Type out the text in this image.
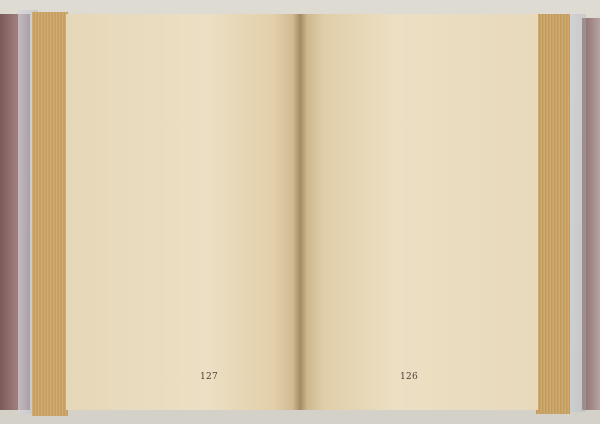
127	126
